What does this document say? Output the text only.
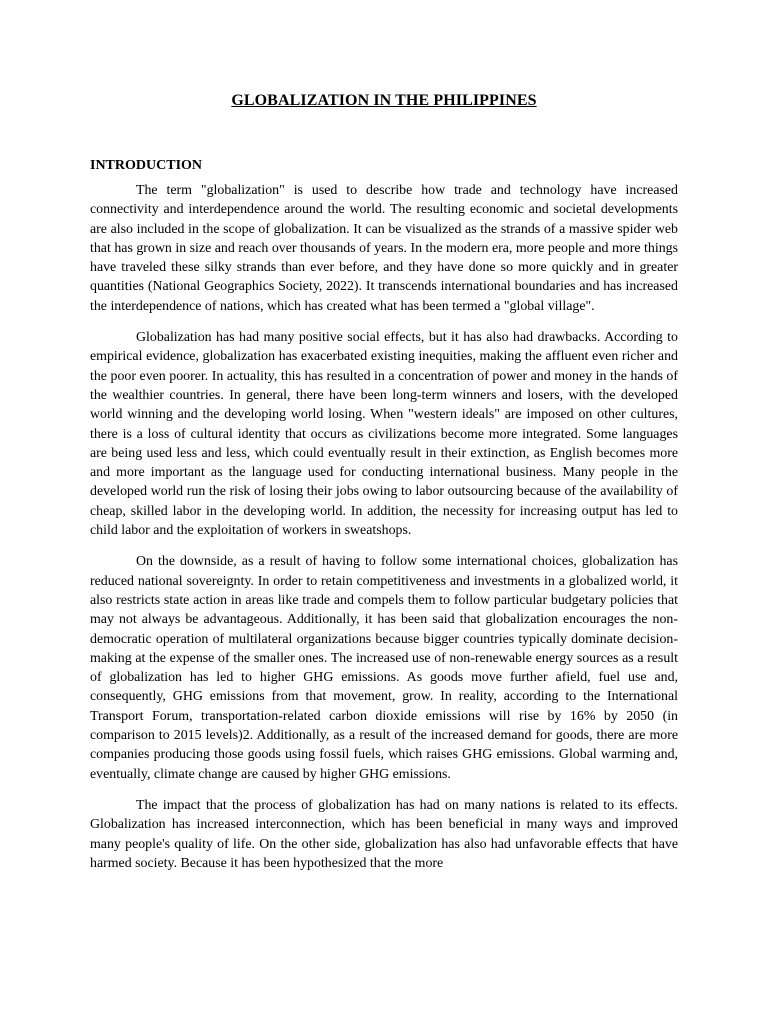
GLOBALIZATION IN THE PHILIPPINES
INTRODUCTION

The term "globalization" is used to describe how trade and technology have increased connectivity and interdependence around the world. The resulting economic and societal developments are also included in the scope of globalization. It can be visualized as the strands of a massive spider web that has grown in size and reach over thousands of years. In the modern era, more people and more things have traveled these silky strands than ever before, and they have done so more quickly and in greater quantities (National Geographics Society, 2022). It transcends international boundaries and has increased the interdependence of nations, which has created what has been termed a "global village".

Globalization has had many positive social effects, but it has also had drawbacks. According to empirical evidence, globalization has exacerbated existing inequities, making the affluent even richer and the poor even poorer. In actuality, this has resulted in a concentration of power and money in the hands of the wealthier countries. In general, there have been long-term winners and losers, with the developed world winning and the developing world losing. When "western ideals" are imposed on other cultures, there is a loss of cultural identity that occurs as civilizations become more integrated. Some languages are being used less and less, which could eventually result in their extinction, as English becomes more and more important as the language used for conducting international business. Many people in the developed world run the risk of losing their jobs owing to labor outsourcing because of the availability of cheap, skilled labor in the developing world. In addition, the necessity for increasing output has led to child labor and the exploitation of workers in sweatshops.

On the downside, as a result of having to follow some international choices, globalization has reduced national sovereignty. In order to retain competitiveness and investments in a globalized world, it also restricts state action in areas like trade and compels them to follow particular budgetary policies that may not always be advantageous. Additionally, it has been said that globalization encourages the non-democratic operation of multilateral organizations because bigger countries typically dominate decision-making at the expense of the smaller ones. The increased use of non-renewable energy sources as a result of globalization has led to higher GHG emissions. As goods move further afield, fuel use and, consequently, GHG emissions from that movement, grow. In reality, according to the International Transport Forum, transportation-related carbon dioxide emissions will rise by 16% by 2050 (in comparison to 2015 levels)2. Additionally, as a result of the increased demand for goods, there are more companies producing those goods using fossil fuels, which raises GHG emissions. Global warming and, eventually, climate change are caused by higher GHG emissions.

The impact that the process of globalization has had on many nations is related to its effects. Globalization has increased interconnection, which has been beneficial in many ways and improved many people's quality of life. On the other side, globalization has also had unfavorable effects that have harmed society. Because it has been hypothesized that the more
